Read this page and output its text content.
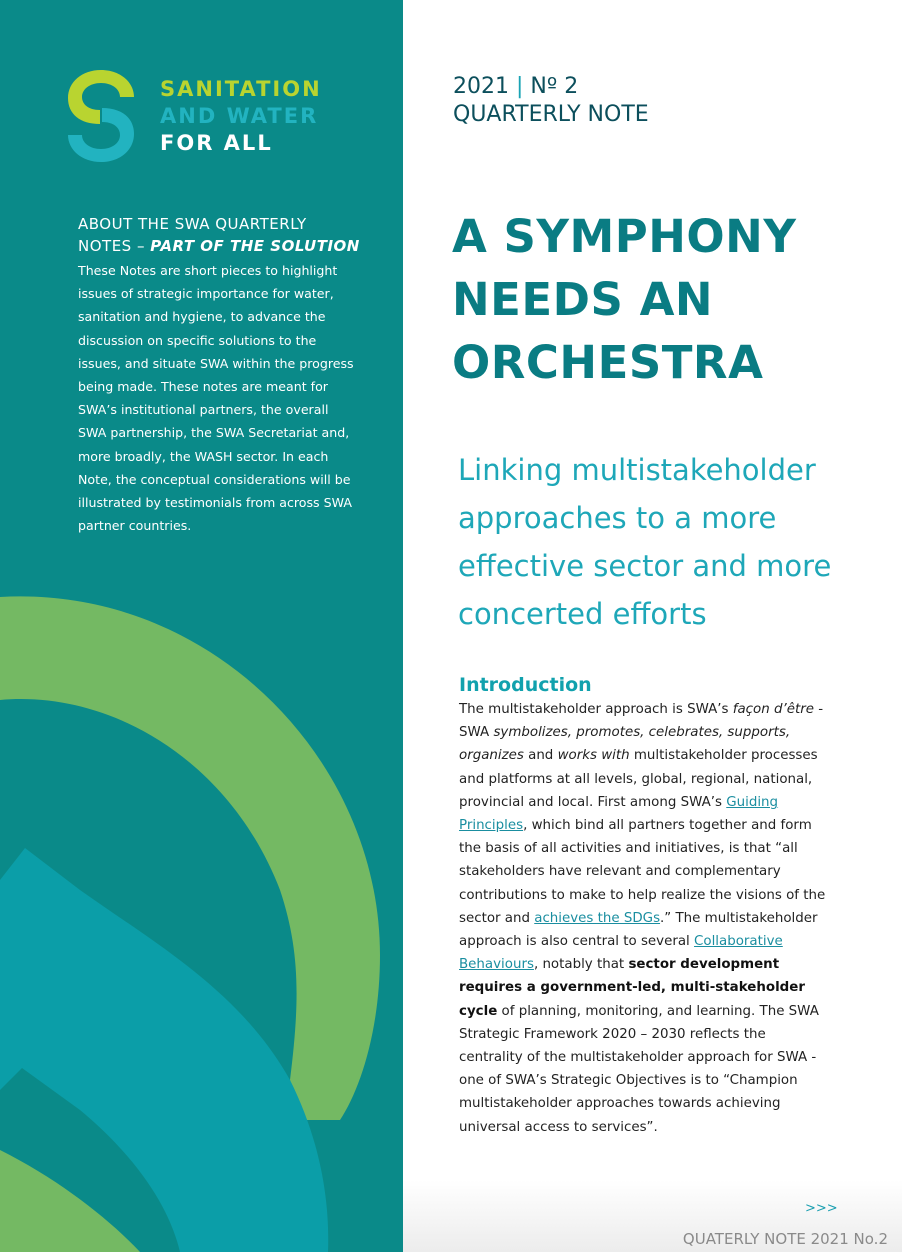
SANITATION
AND WATER
FOR ALL
ABOUT THE SWA QUARTERLY
NOTES – PART OF THE SOLUTION
These Notes are short pieces to highlight issues of strategic importance for water, sanitation and hygiene, to advance the discussion on specific solutions to the issues, and situate SWA within the progress being made. These notes are meant for SWA’s institutional partners, the overall SWA partnership, the SWA Secretariat and, more broadly, the WASH sector. In each Note, the conceptual considerations will be illustrated by testimonials from across SWA partner countries.
2021 | Nº 2
QUARTERLY NOTE
A SYMPHONY
NEEDS AN
ORCHESTRA
Linking multistakeholder approaches to a more effective sector and more concerted efforts
Introduction
The multistakeholder approach is SWA’s façon d’être - SWA symbolizes, promotes, celebrates, supports, organizes and works with multistakeholder processes and platforms at all levels, global, regional, national, provincial and local. First among SWA’s Guiding Principles, which bind all partners together and form the basis of all activities and initiatives, is that “all stakeholders have relevant and complementary contributions to make to help realize the visions of the sector and achieves the SDGs.” The multistakeholder approach is also central to several Collaborative Behaviours, notably that sector development requires a government-led, multi-stakeholder cycle of planning, monitoring, and learning. The SWA Strategic Framework 2020 – 2030 reflects the centrality of the multistakeholder approach for SWA - one of SWA’s Strategic Objectives is to “Champion multistakeholder approaches towards achieving universal access to services”.
>>>
QUATERLY NOTE 2021 No.2
